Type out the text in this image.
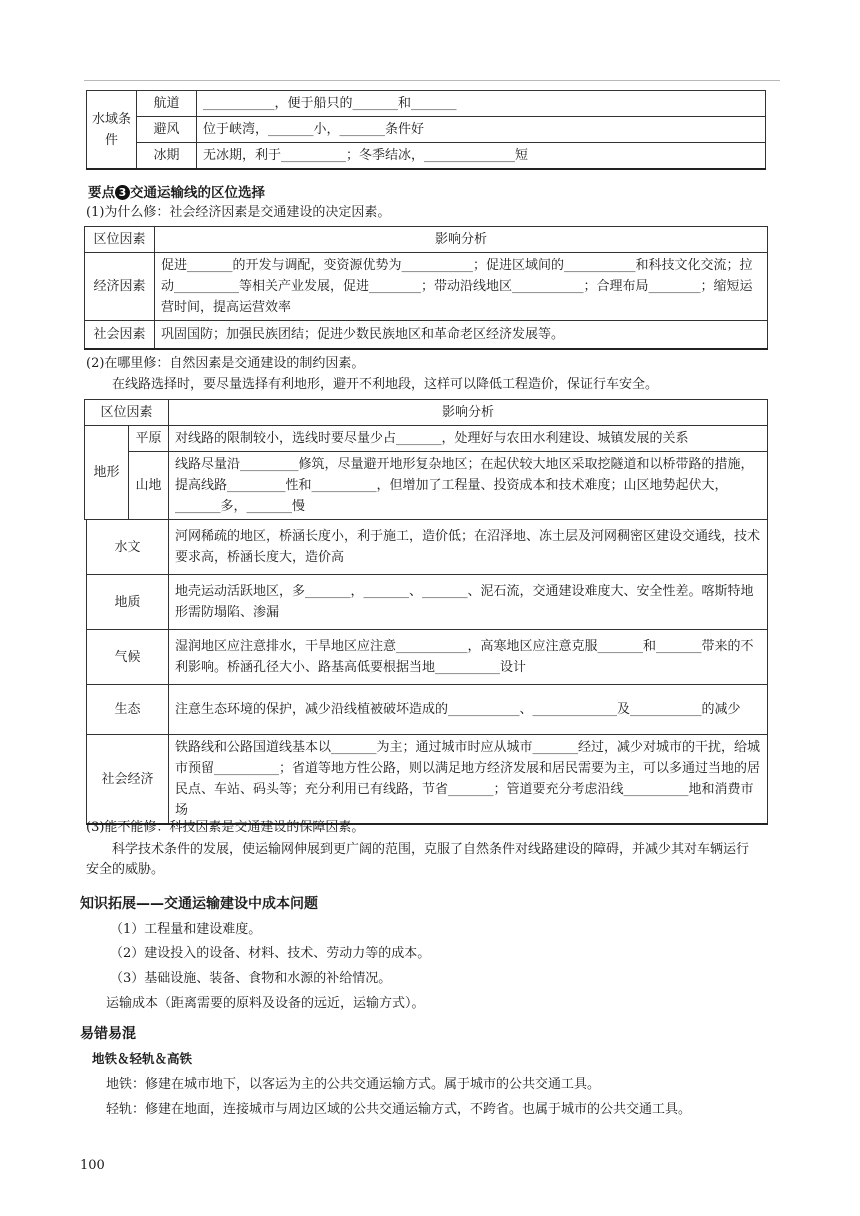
水域条件	航道	___________，便于船只的_______和_______
	避风	位于峡湾，_______小，_______条件好
	冰期	无冰期，利于__________；冬季结冰，______________短
要点 3 交通运输线的区位选择
(1)为什么修：社会经济因素是交通建设的决定因素。
区位因素	影响分析
经济因素	促进_______的开发与调配，变资源优势为___________；促进区域间的___________和科技文化交流；拉动__________等相关产业发展，促进________；带动沿线地区___________；合理布局________；缩短运营时间，提高运营效率
社会因素	巩固国防；加强民族团结；促进少数民族地区和革命老区经济发展等。
(2)在哪里修：自然因素是交通建设的制约因素。
在线路选择时，要尽量选择有利地形，避开不利地段，这样可以降低工程造价，保证行车安全。
区位因素		影响分析
地形	平原	对线路的限制较小，选线时要尽量少占_______，处理好与农田水利建设、城镇发展的关系
	山地	线路尽量沿_________修筑，尽量避开地形复杂地区；在起伏较大地区采取挖隧道和以桥带路的措施，提高线路_________性和__________，但增加了工程量、投资成本和技术难度；山区地势起伏大，_______多，_______慢
水文	河网稀疏的地区，桥涵长度小，利于施工，造价低；在沼泽地、冻土层及河网稠密区建设交通线，技术要求高，桥涵长度大，造价高
地质	地壳运动活跃地区，多_______，_______、_______、泥石流，交通建设难度大、安全性差。喀斯特地形需防塌陷、渗漏
气候	湿润地区应注意排水，干旱地区应注意___________，高寒地区应注意克服_______和_______带来的不利影响。桥涵孔径大小、路基高低要根据当地__________设计
生态	注意生态环境的保护，减少沿线植被破坏造成的___________、_____________及___________的减少
社会经济	铁路线和公路国道线基本以_______为主；通过城市时应从城市_______经过，减少对城市的干扰，给城市预留__________；省道等地方性公路，则以满足地方经济发展和居民需要为主，可以多通过当地的居民点、车站、码头等；充分利用已有线路，节省_______；管道要充分考虑沿线__________地和消费市场
(3)能不能修：科技因素是交通建设的保障因素。
科学技术条件的发展，使运输网伸展到更广阔的范围，克服了自然条件对线路建设的障碍，并减少其对车辆运行
安全的威胁。
知识拓展——交通运输建设中成本问题
（1）工程量和建设难度。
（2）建设投入的设备、材料、技术、劳动力等的成本。
（3）基础设施、装备、食物和水源的补给情况。
运输成本（距离需要的原料及设备的远近，运输方式）。
易错易混
地铁＆轻轨＆高铁
地铁：修建在城市地下，以客运为主的公共交通运输方式。属于城市的公共交通工具。
轻轨：修建在地面，连接城市与周边区域的公共交通运输方式，不跨省。也属于城市的公共交通工具。
100
